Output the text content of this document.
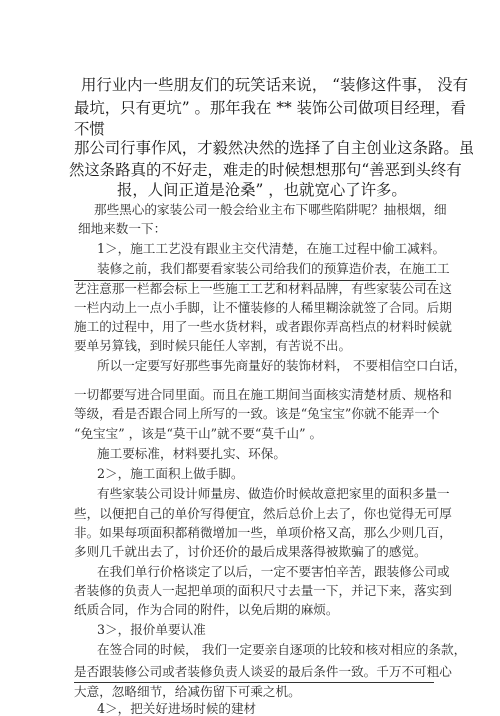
用行业内一些朋友们的玩笑话来说， “装修这件事， 没有
最坑，只有更坑” 。那年我在 ** 装饰公司做项目经理，看
不惯
那公司行事作风，才毅然决然的选择了自主创业这条路。虽
然这条路真的不好走，难走的时候想想那句“善恶到头终有
报，人间正道是沧桑” ，也就宽心了许多。
那些黑心的家装公司一般会给业主布下哪些陷阱呢？抽根烟，细
细地来数一下：
1＞，施工工艺没有跟业主交代清楚，在施工过程中偷工减料。
装修之前，我们都要看家装公司给我们的预算造价表，在施工工
艺注意那一栏都会标上一些施工工艺和材料品牌，有些家装公司在这
一栏内动上一点小手脚，让不懂装修的人稀里糊涂就签了合同。后期
施工的过程中，用了一些水货材料，或者跟你弄高档点的材料时候就
要单另算钱，到时候只能任人宰割，有苦说不出。
所以一定要写好那些事先商量好的装饰材料， 不要相信空口白话，
一切都要写进合同里面。而且在施工期间当面核实清楚材质、规格和
等级，看是否跟合同上所写的一致。该是“兔宝宝”你就不能弄一个
“免宝宝” ，该是“莫干山”就不要“莫千山” 。
施工要标准，材料要扎实、环保。
2＞，施工面积上做手脚。
有些家装公司设计师量房、做造价时候故意把家里的面积多量一
些，以便把自己的单价写得便宜，然后总价上去了，你也觉得无可厚
非。如果每项面积都稍微增加一些，单项价格又高，那么少则几百，
多则几千就出去了，讨价还价的最后成果落得被欺骗了的感觉。
在我们单行价格谈定了以后，一定不要害怕辛苦，跟装修公司或
者装修的负责人一起把单项的面积尺寸去量一下，并记下来，落实到
纸质合同，作为合同的附件，以免后期的麻烦。
3＞，报价单要认准
在签合同的时候， 我们一定要亲自逐项的比较和核对相应的条款，
是否跟装修公司或者装修负责人谈妥的最后条件一致。千万不可粗心
大意，忽略细节，给减伤留下可乘之机。
4＞，把关好进场时候的建材
